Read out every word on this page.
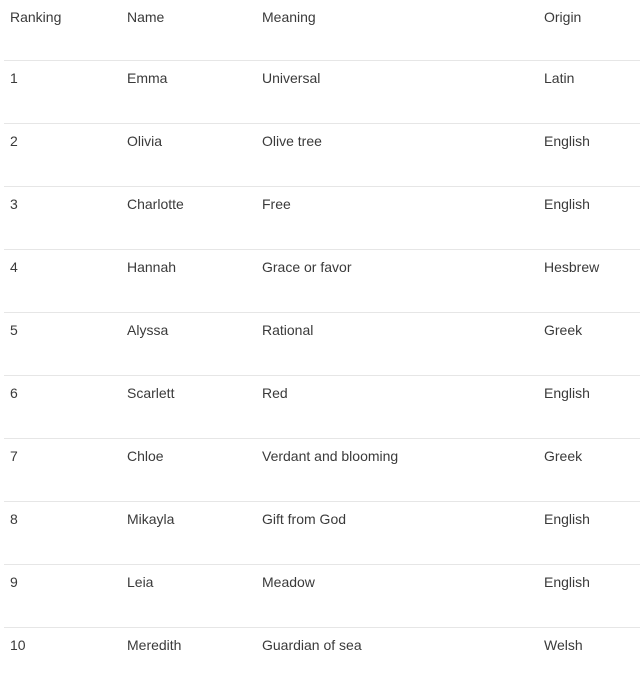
Ranking	Name	Meaning	Origin
1	Emma	Universal	Latin
2	Olivia	Olive tree	English
3	Charlotte	Free	English
4	Hannah	Grace or favor	Hesbrew
5	Alyssa	Rational	Greek
6	Scarlett	Red	English
7	Chloe	Verdant and blooming	Greek
8	Mikayla	Gift from God	English
9	Leia	Meadow	English
10	Meredith	Guardian of sea	Welsh
